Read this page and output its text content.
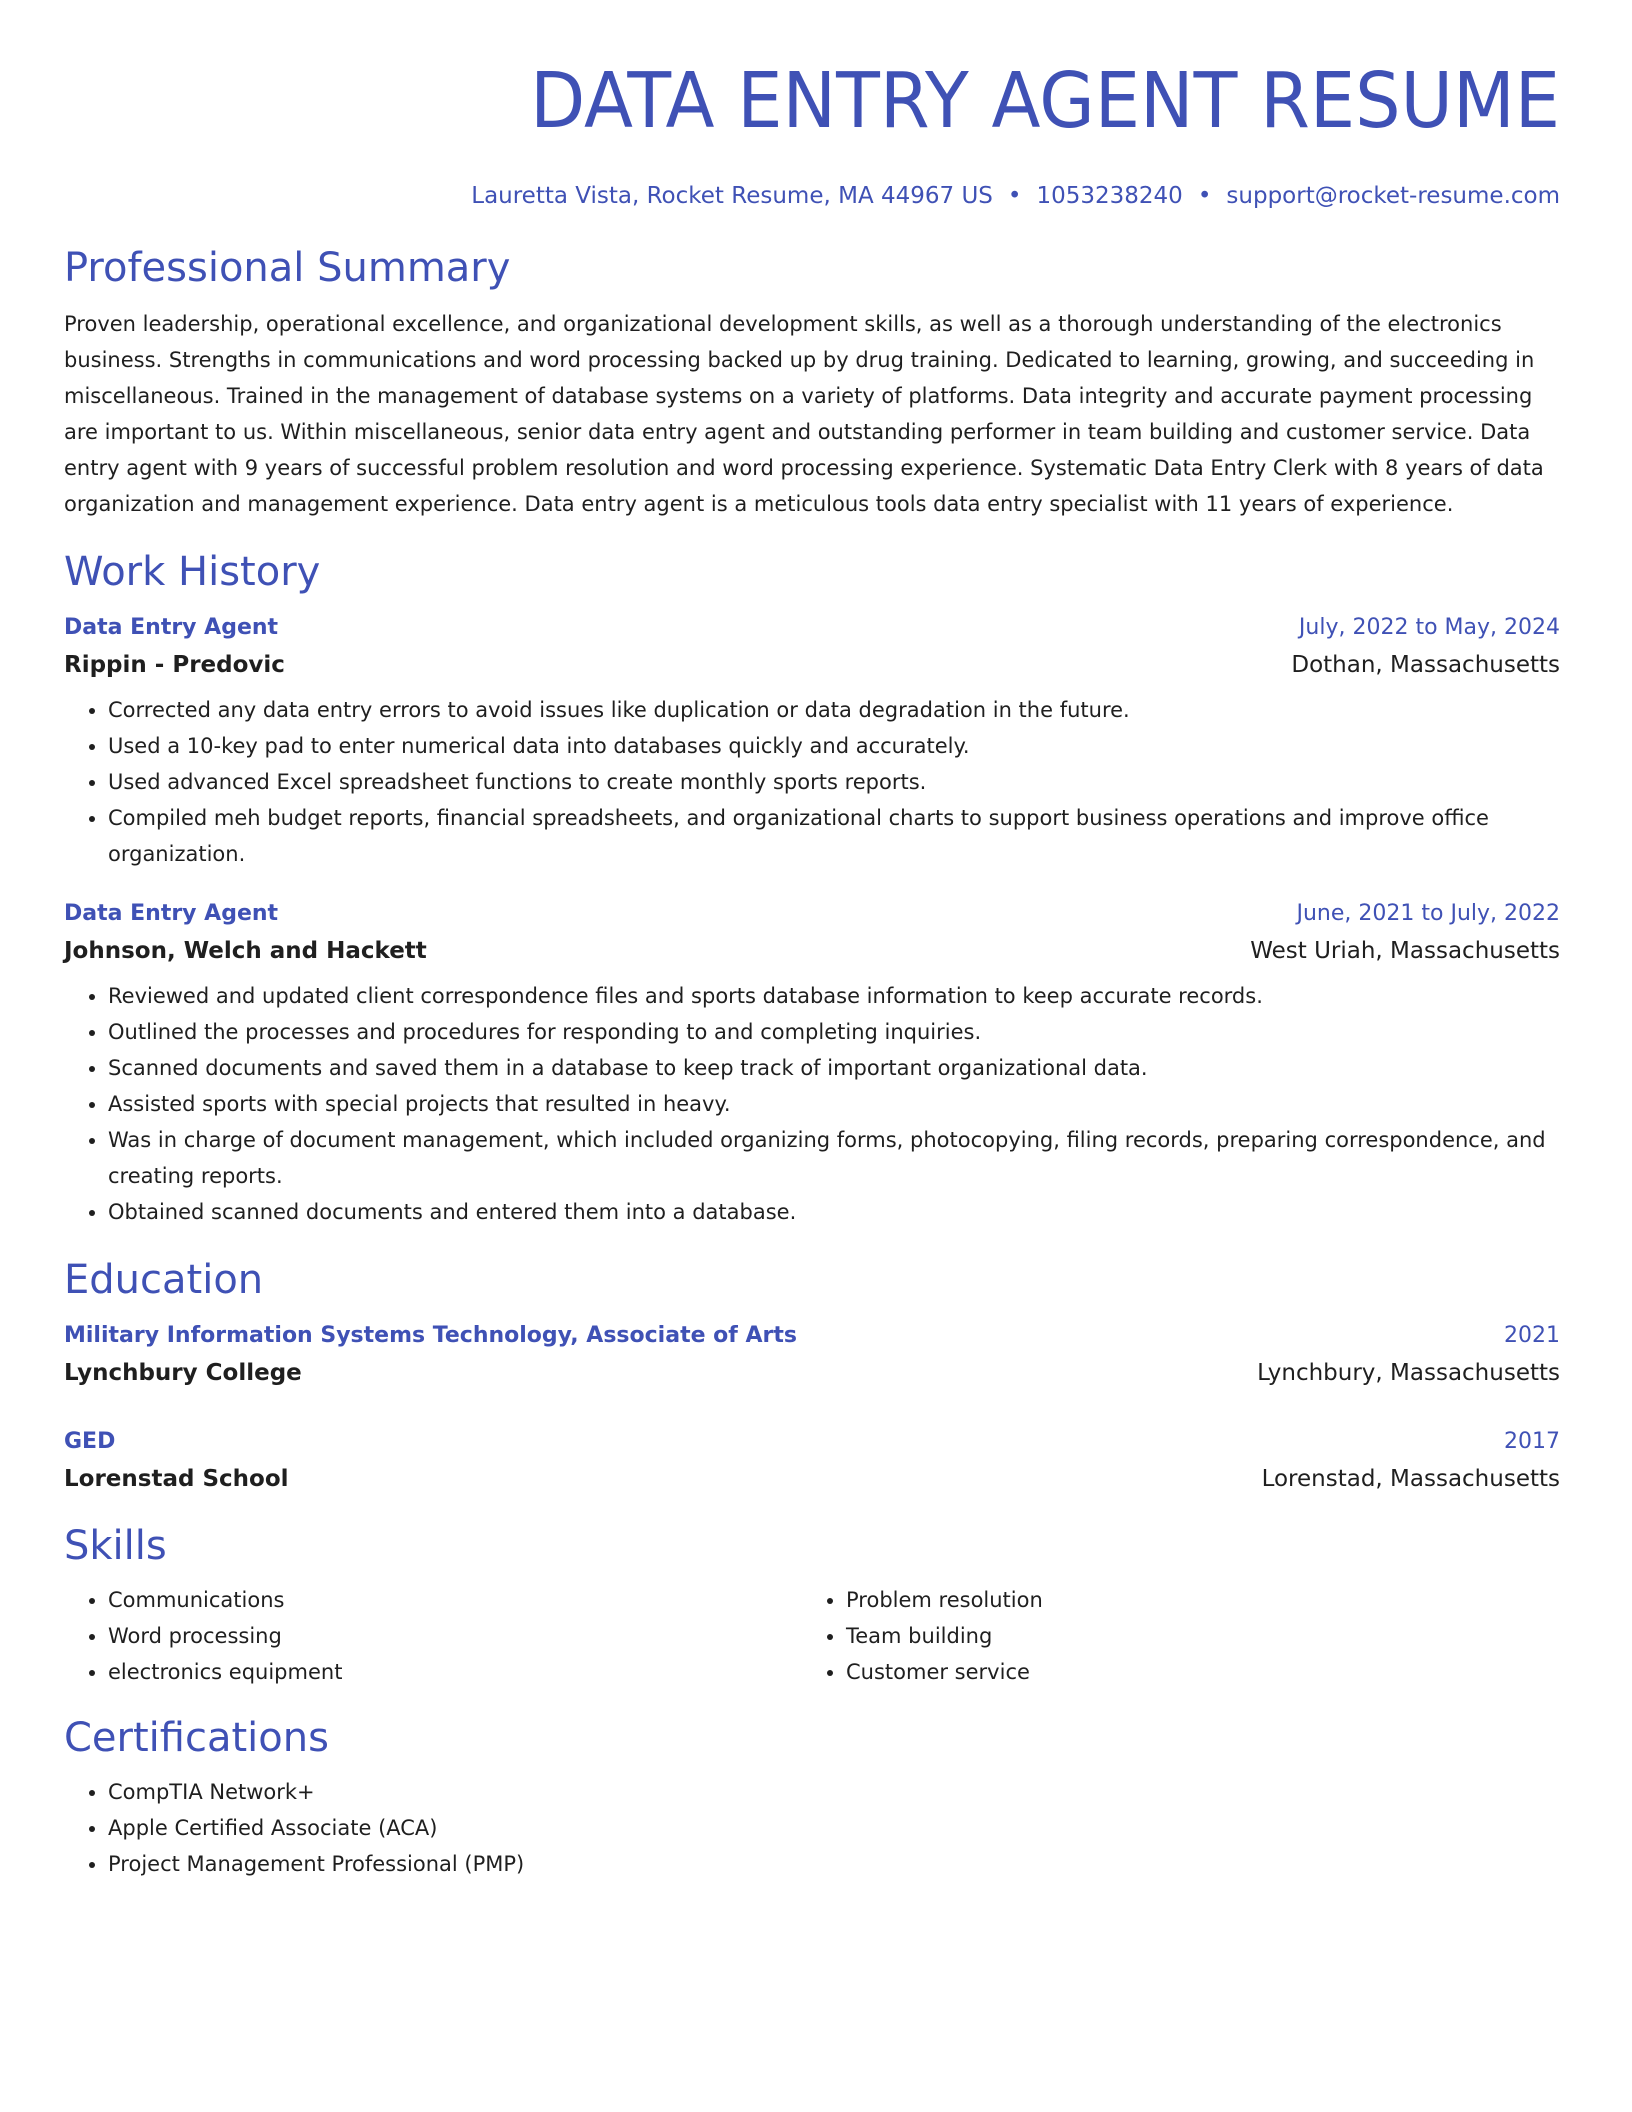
DATA ENTRY AGENT RESUME
Lauretta Vista, Rocket Resume, MA 44967 US • 1053238240 • support@rocket-resume.com
Professional Summary

Proven leadership, operational excellence, and organizational development skills, as well as a thorough understanding of the electronics business. Strengths in communications and word processing backed up by drug training. Dedicated to learning, growing, and succeeding in miscellaneous. Trained in the management of database systems on a variety of platforms. Data integrity and accurate payment processing are important to us. Within miscellaneous, senior data entry agent and outstanding performer in team building and customer service. Data entry agent with 9 years of successful problem resolution and word processing experience. Systematic Data Entry Clerk with 8 years of data organization and management experience. Data entry agent is a meticulous tools data entry specialist with 11 years of experience.

Work History
Data Entry Agent	July, 2022 to May, 2024
Rippin - Predovic	Dothan, Massachusetts
• Corrected any data entry errors to avoid issues like duplication or data degradation in the future.
• Used a 10-key pad to enter numerical data into databases quickly and accurately.
• Used advanced Excel spreadsheet functions to create monthly sports reports.
• Compiled meh budget reports, financial spreadsheets, and organizational charts to support business operations and improve office organization.
Data Entry Agent	June, 2021 to July, 2022
Johnson, Welch and Hackett	West Uriah, Massachusetts
• Reviewed and updated client correspondence files and sports database information to keep accurate records.
• Outlined the processes and procedures for responding to and completing inquiries.
• Scanned documents and saved them in a database to keep track of important organizational data.
• Assisted sports with special projects that resulted in heavy.
• Was in charge of document management, which included organizing forms, photocopying, filing records, preparing correspondence, and creating reports.
• Obtained scanned documents and entered them into a database.
Education
Military Information Systems Technology, Associate of Arts	2021
Lynchbury College	Lynchbury, Massachusetts
GED	2017
Lorenstad School	Lorenstad, Massachusetts
Skills
• Communications
• Word processing
• electronics equipment
• Problem resolution
• Team building
• Customer service
Certifications
• CompTIA Network+
• Apple Certified Associate (ACA)
• Project Management Professional (PMP)
